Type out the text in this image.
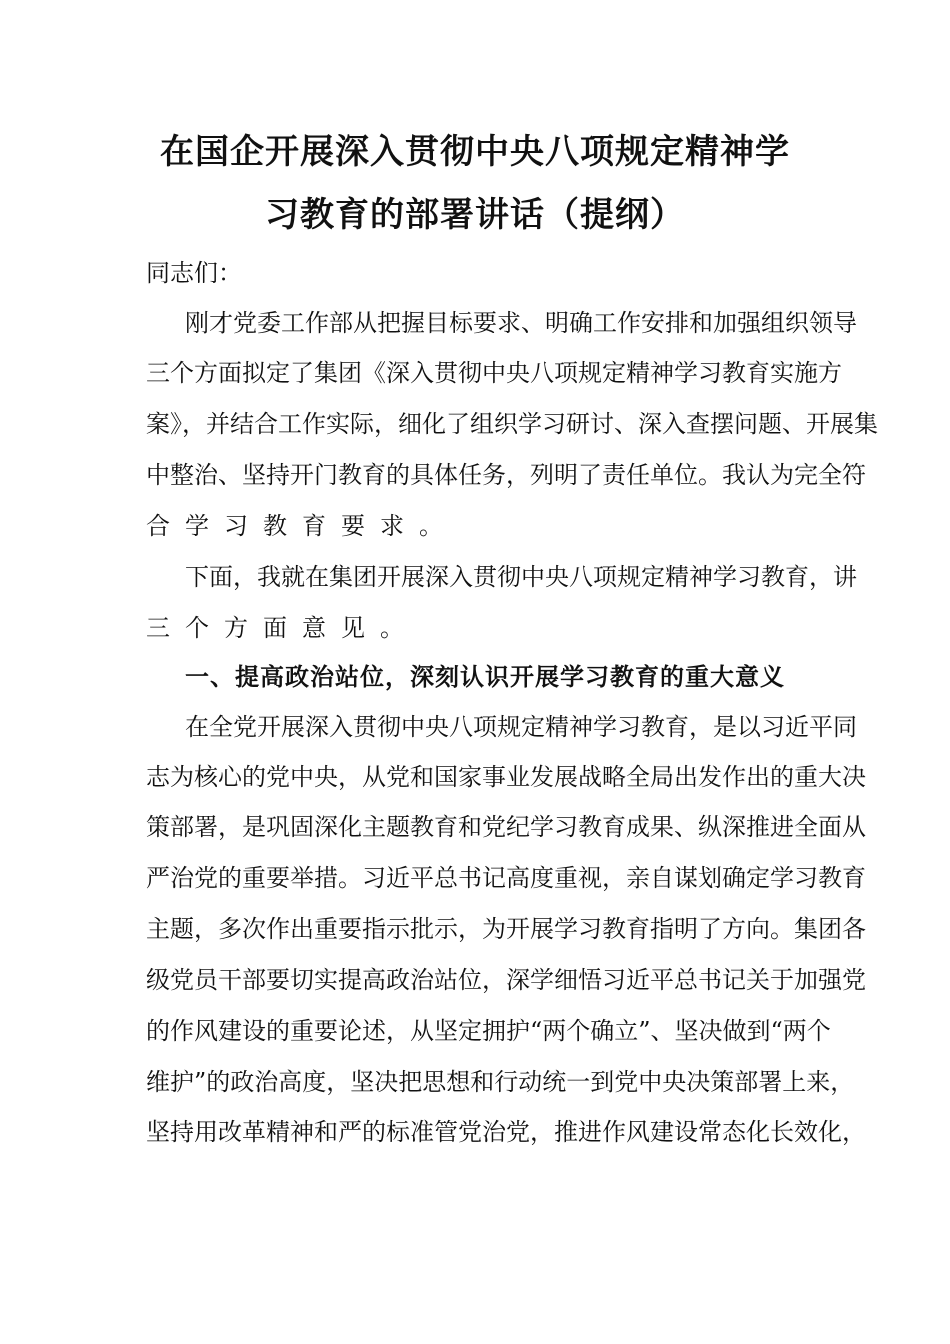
在国企开展深入贯彻中央八项规定精神学
习教育的部署讲话（提纲）
同志们：
刚才党委工作部从把握目标要求、明确工作安排和加强组织领导
三个方面拟定了集团《深入贯彻中央八项规定精神学习教育实施方
案》，并结合工作实际，细化了组织学习研讨、深入查摆问题、开展集
中整治、坚持开门教育的具体任务，列明了责任单位。我认为完全符
合学习教育要求。
下面，我就在集团开展深入贯彻中央八项规定精神学习教育，讲
三个方面意见。
一、提高政治站位，深刻认识开展学习教育的重大意义
在全党开展深入贯彻中央八项规定精神学习教育，是以习近平同
志为核心的党中央，从党和国家事业发展战略全局出发作出的重大决
策部署，是巩固深化主题教育和党纪学习教育成果、纵深推进全面从
严治党的重要举措。习近平总书记高度重视，亲自谋划确定学习教育
主题，多次作出重要指示批示，为开展学习教育指明了方向。集团各
级党员干部要切实提高政治站位，深学细悟习近平总书记关于加强党
的作风建设的重要论述，从坚定拥护“两个确立”、坚决做到“两个
维护”的政治高度，坚决把思想和行动统一到党中央决策部署上来，
坚持用改革精神和严的标准管党治党，推进作风建设常态化长效化，
